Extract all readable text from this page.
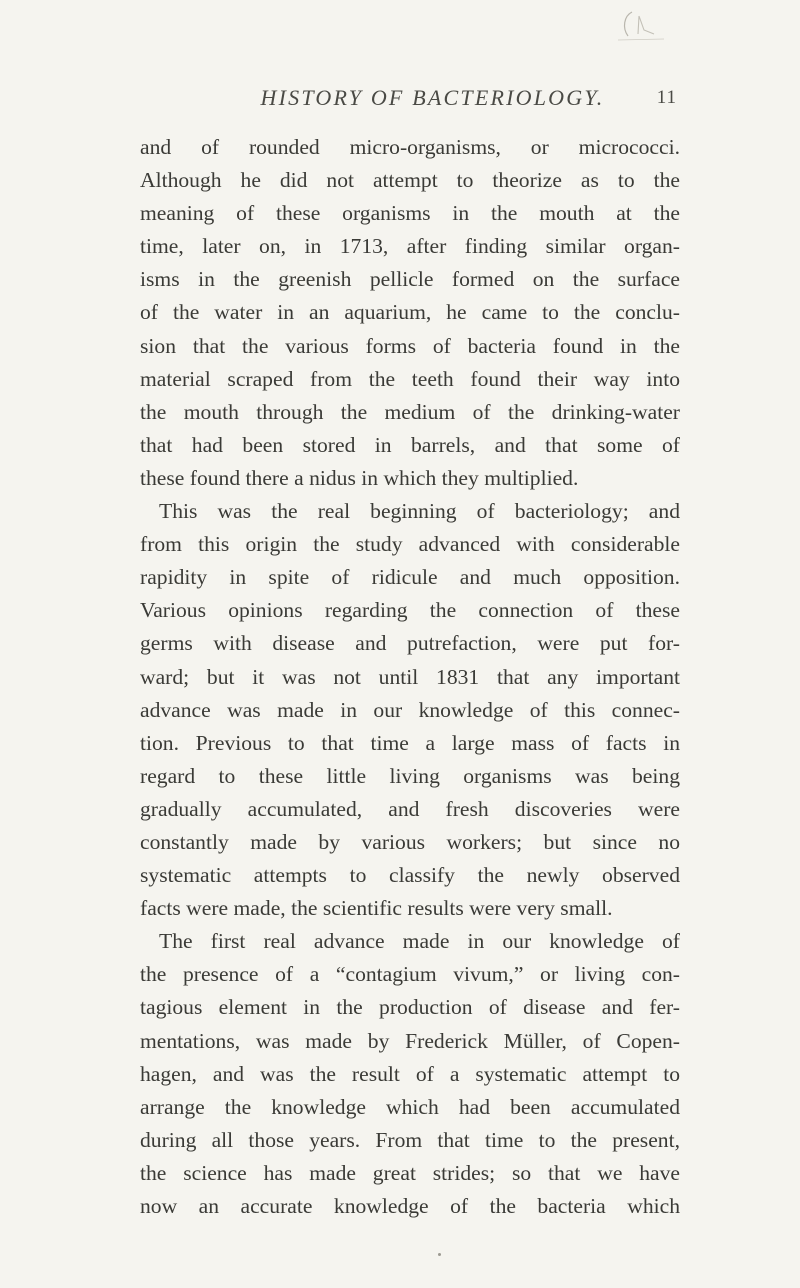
HISTORY OF BACTERIOLOGY.	11
and of rounded micro-organisms, or micrococci.
Although he did not attempt to theorize as to the
meaning of these organisms in the mouth at the
time, later on, in 1713, after finding similar organ-
isms in the greenish pellicle formed on the surface
of the water in an aquarium, he came to the conclu-
sion that the various forms of bacteria found in the
material scraped from the teeth found their way into
the mouth through the medium of the drinking-water
that had been stored in barrels, and that some of
these found there a nidus in which they multiplied.
This was the real beginning of bacteriology; and
from this origin the study advanced with considerable
rapidity in spite of ridicule and much opposition.
Various opinions regarding the connection of these
germs with disease and putrefaction, were put for-
ward; but it was not until 1831 that any important
advance was made in our knowledge of this connec-
tion. Previous to that time a large mass of facts in
regard to these little living organisms was being
gradually accumulated, and fresh discoveries were
constantly made by various workers; but since no
systematic attempts to classify the newly observed
facts were made, the scientific results were very small.
The first real advance made in our knowledge of
the presence of a “contagium vivum,” or living con-
tagious element in the production of disease and fer-
mentations, was made by Frederick Müller, of Copen-
hagen, and was the result of a systematic attempt to
arrange the knowledge which had been accumulated
during all those years. From that time to the present,
the science has made great strides; so that we have
now an accurate knowledge of the bacteria which
